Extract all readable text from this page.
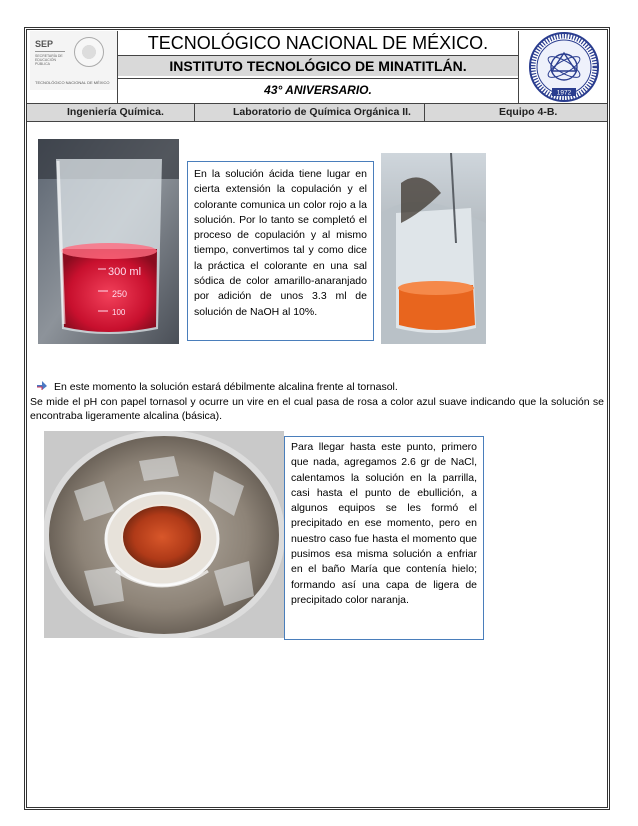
SEP
SECRETARÍA DE EDUCACIÓN PÚBLICA
TECNOLÓGICO NACIONAL DE MÉXICO
TECNOLÓGICO NACIONAL DE MÉXICO.
INSTITUTO TECNOLÓGICO DE MINATITLÁN.
43° ANIVERSARIO.	1972
Ingeniería Química.	Laboratorio de Química Orgánica II.	Equipo 4-B.
300 ml
250
100
En la solución ácida tiene lugar en cierta extensión la copulación y el colorante comunica un color rojo a la solución. Por lo tanto se completó el proceso de copulación y al mismo tiempo, convertimos tal y como dice la práctica el colorante en una sal sódica de color amarillo-anaranjado por adición de unos 3.3 ml de solución de NaOH al 10%.
En este momento la solución estará débilmente alcalina frente al tornasol.
Se mide el pH con papel tornasol y ocurre un vire en el cual pasa de rosa a color azul suave indicando que la solución se encontraba ligeramente alcalina (básica).
Para llegar hasta este punto, primero que nada, agregamos 2.6 gr de NaCl, calentamos la solución en la parrilla, casi hasta el punto de ebullición, a algunos equipos se les formó el precipitado en ese momento, pero en nuestro caso fue hasta el momento que pusimos esa misma solución a enfriar en el baño María que contenía hielo; formando así una capa de ligera de precipitado color naranja.
